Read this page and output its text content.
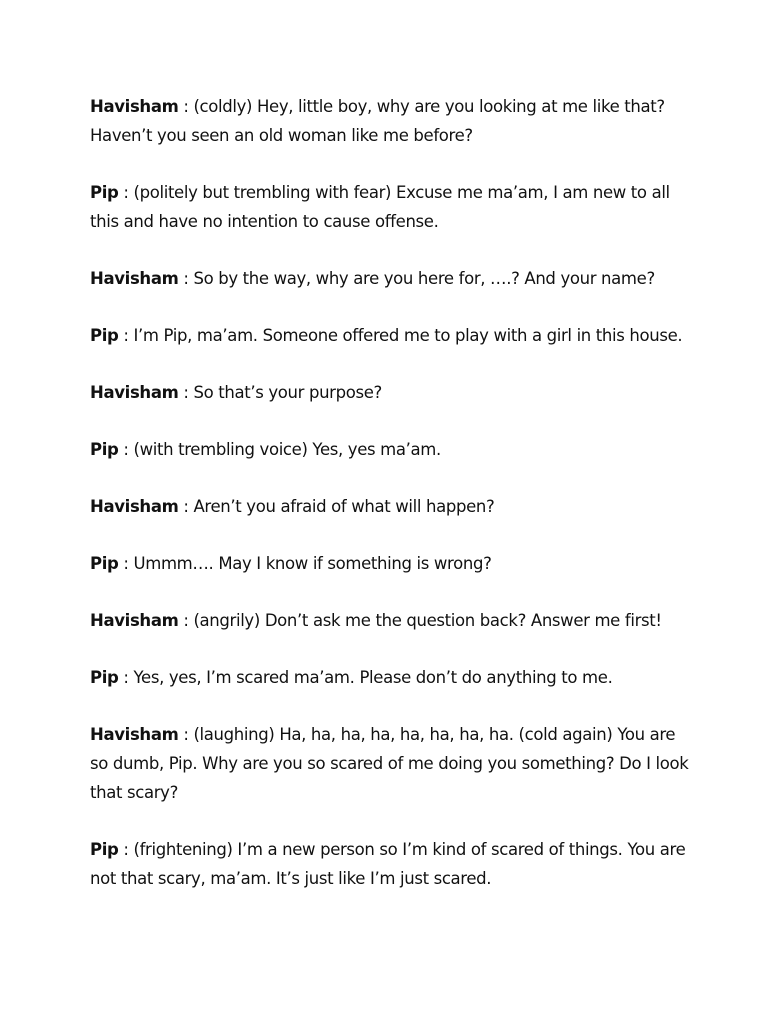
Havisham : (coldly) Hey, little boy, why are you looking at me like that? Haven’t you seen an old woman like me before?

Pip : (politely but trembling with fear) Excuse me ma’am, I am new to all this and have no intention to cause offense.

Havisham : So by the way, why are you here for, ….? And your name?

Pip : I’m Pip, ma’am. Someone offered me to play with a girl in this house.

Havisham : So that’s your purpose?

Pip : (with trembling voice) Yes, yes ma’am.

Havisham : Aren’t you afraid of what will happen?

Pip : Ummm…. May I know if something is wrong?

Havisham : (angrily) Don’t ask me the question back? Answer me first!

Pip : Yes, yes, I’m scared ma’am. Please don’t do anything to me.

Havisham : (laughing) Ha, ha, ha, ha, ha, ha, ha, ha. (cold again) You are so dumb, Pip. Why are you so scared of me doing you something? Do I look that scary?

Pip : (frightening) I’m a new person so I’m kind of scared of things. You are not that scary, ma’am. It’s just like I’m just scared.
